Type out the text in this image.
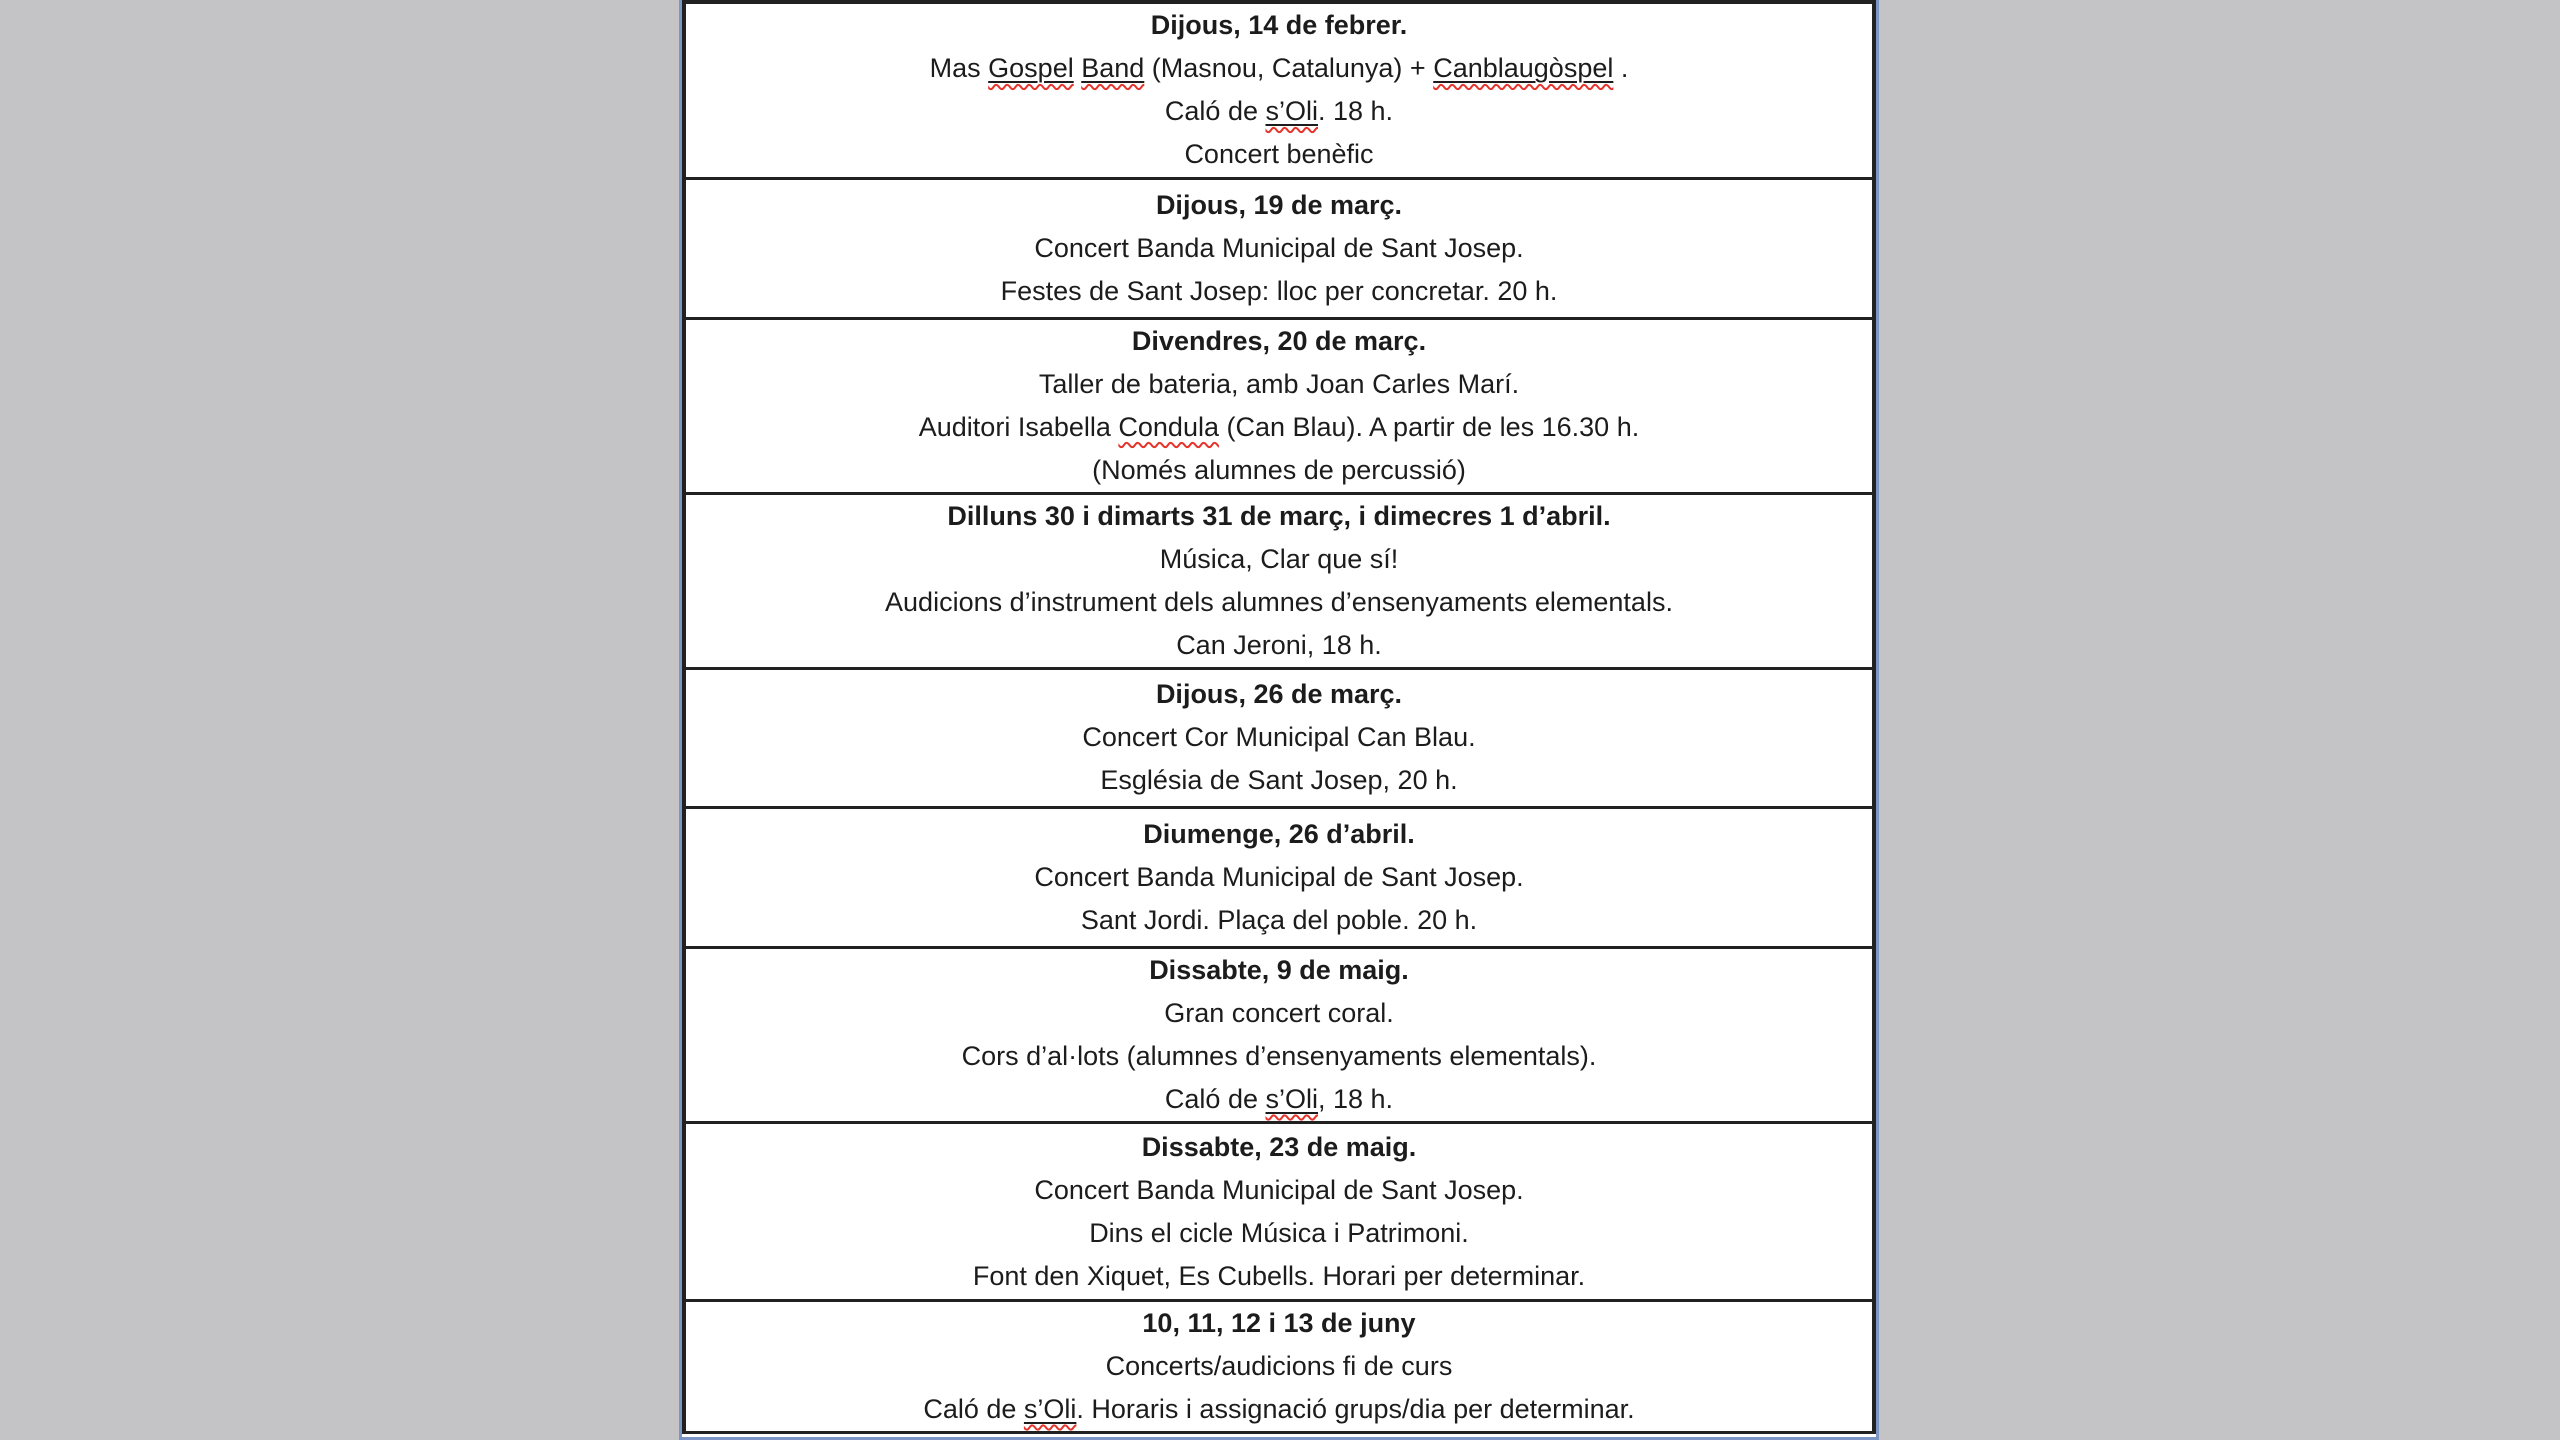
Dijous, 14 de febrer.
Mas Gospel Band (Masnou, Catalunya) + Canblaugòspel .
Caló de s’Oli. 18 h.
Concert benèfic
Dijous, 19 de març.
Concert Banda Municipal de Sant Josep.
Festes de Sant Josep: lloc per concretar. 20 h.
Divendres, 20 de març.
Taller de bateria, amb Joan Carles Marí.
Auditori Isabella Condula (Can Blau). A partir de les 16.30 h.
(Només alumnes de percussió)
Dilluns 30 i dimarts 31 de març, i dimecres 1 d’abril.
Música, Clar que sí!
Audicions d’instrument dels alumnes d’ensenyaments elementals.
Can Jeroni, 18 h.
Dijous, 26 de març.
Concert Cor Municipal Can Blau.
Església de Sant Josep, 20 h.
Diumenge, 26 d’abril.
Concert Banda Municipal de Sant Josep.
Sant Jordi. Plaça del poble. 20 h.
Dissabte, 9 de maig.
Gran concert coral.
Cors d’al·lots (alumnes d’ensenyaments elementals).
Caló de s’Oli, 18 h.
Dissabte, 23 de maig.
Concert Banda Municipal de Sant Josep.
Dins el cicle Música i Patrimoni.
Font den Xiquet, Es Cubells. Horari per determinar.
10, 11, 12 i 13 de juny
Concerts/audicions fi de curs
Caló de s’Oli. Horaris i assignació grups/dia per determinar.
